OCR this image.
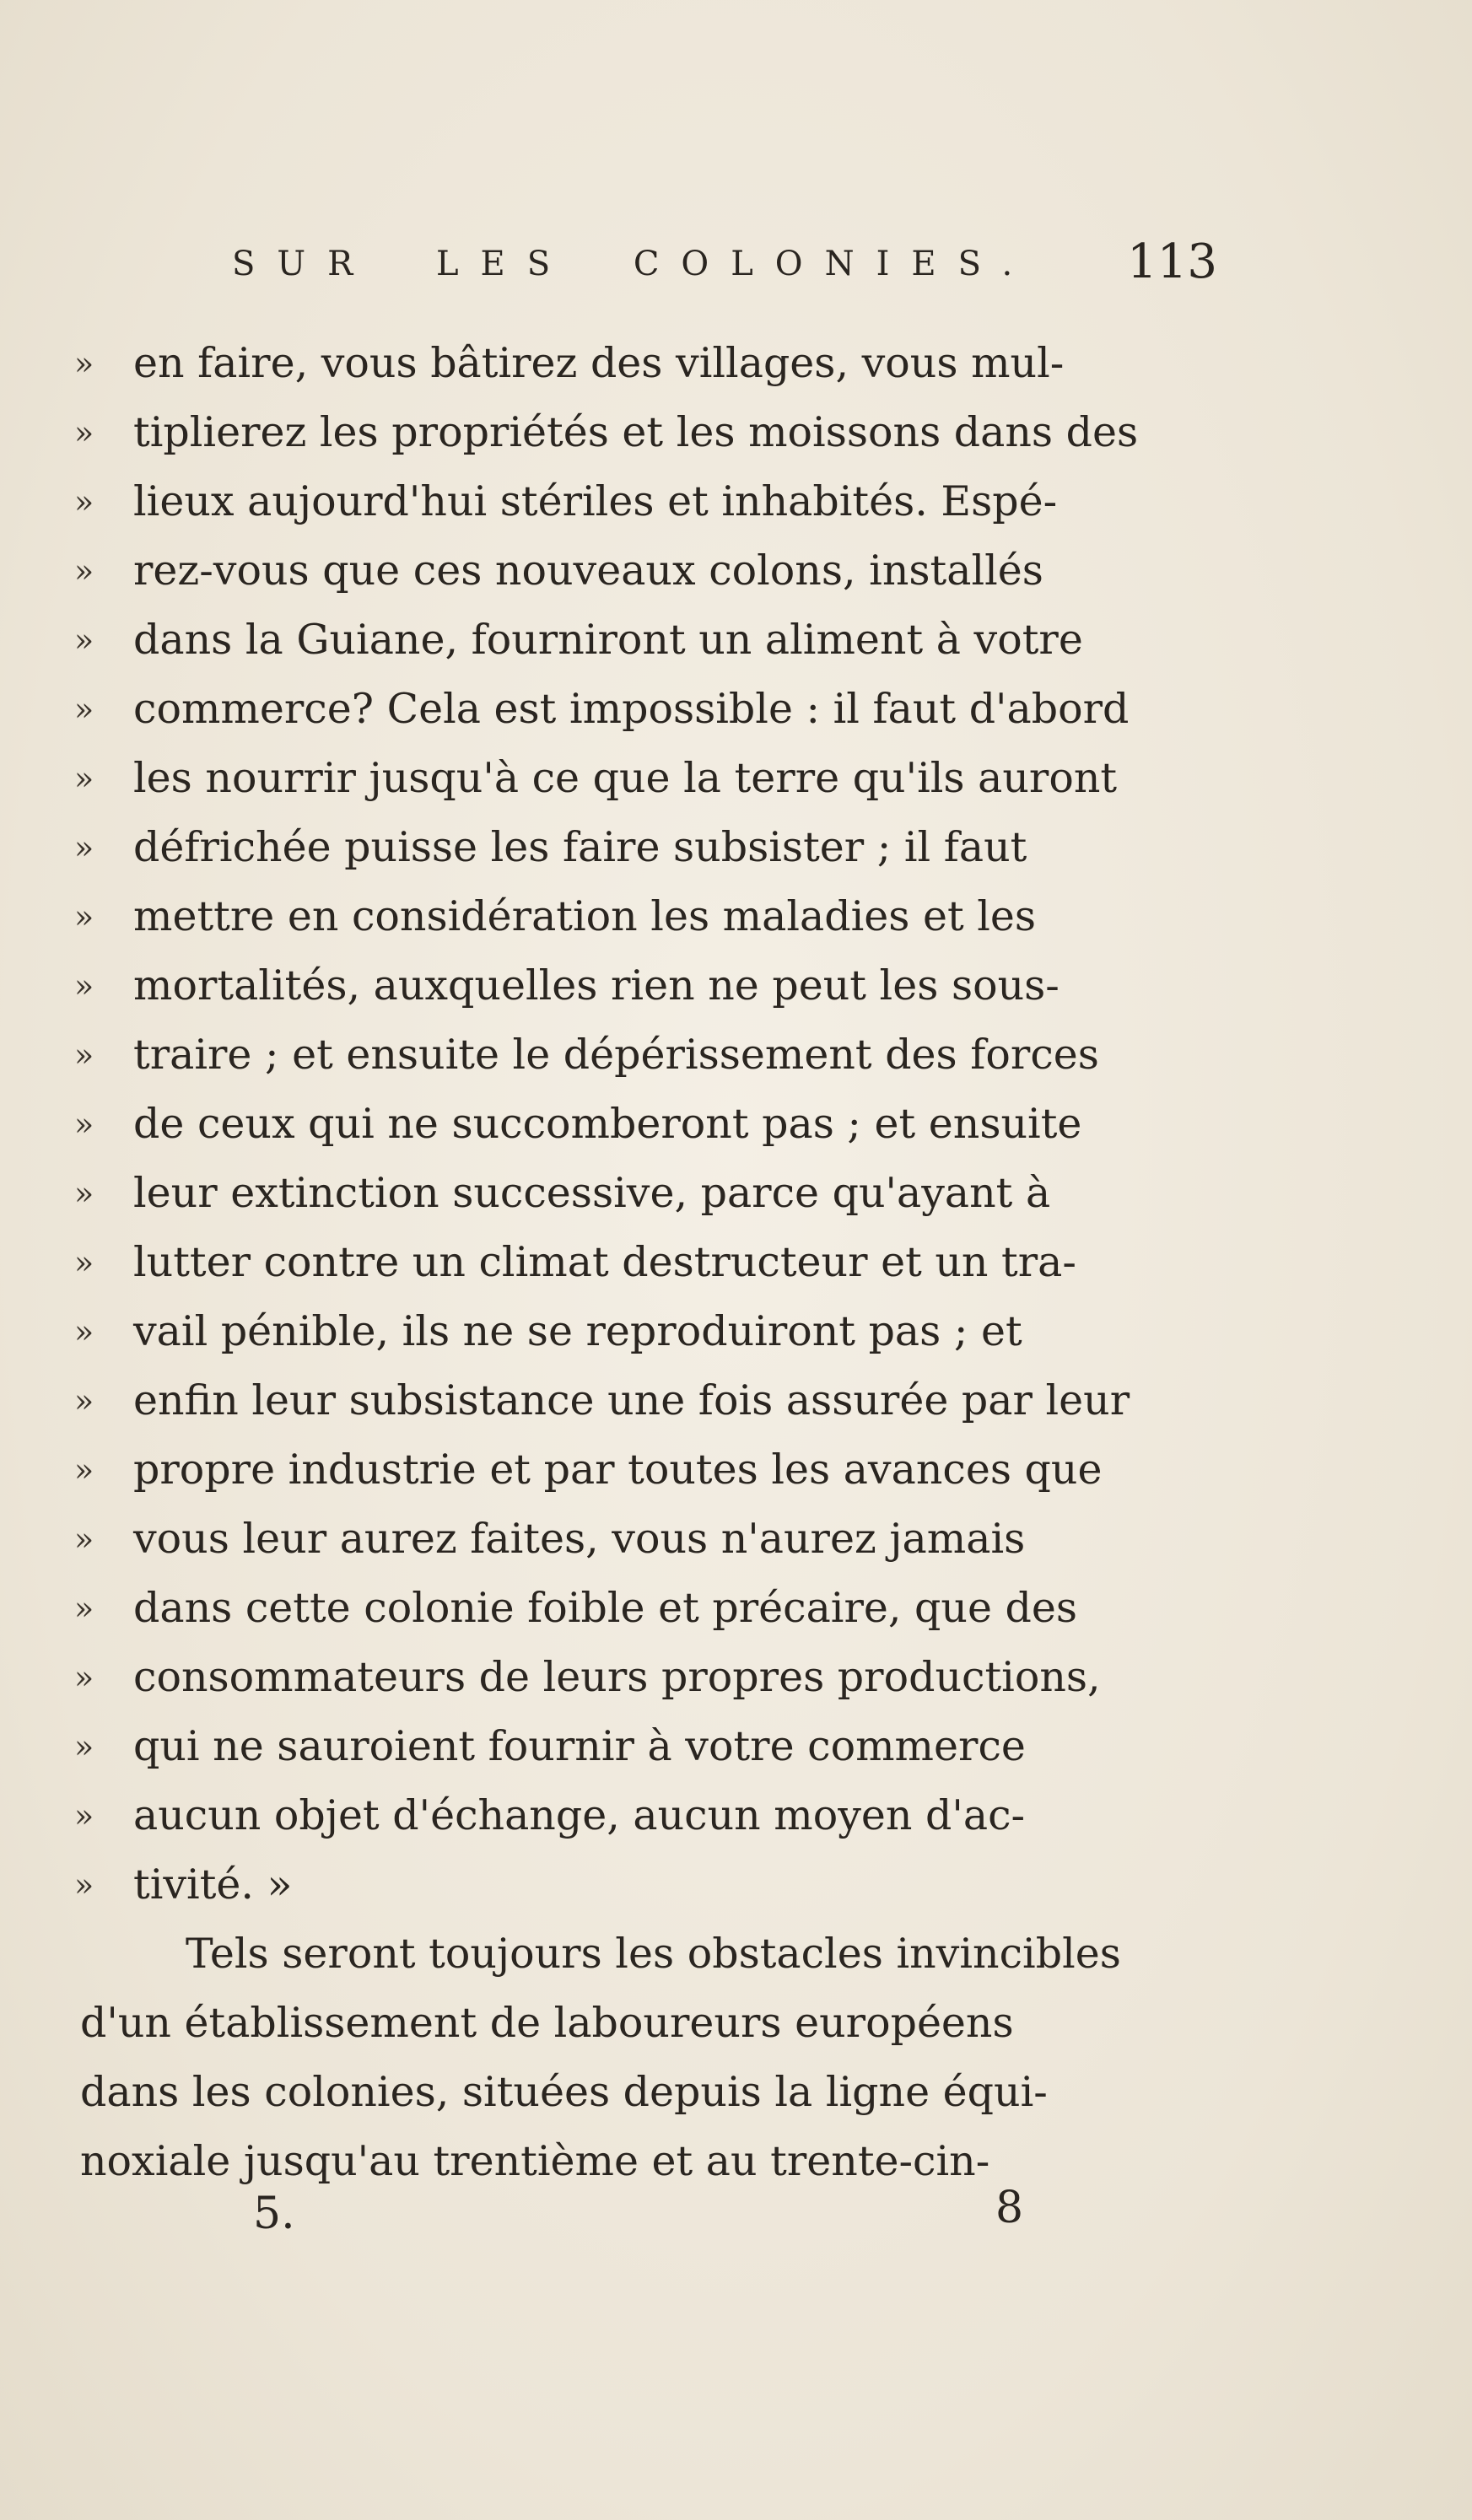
SUR LES COLONIES. 113
» en faire, vous bâtirez des villages, vous mul-
» tiplierez les propriétés et les moissons dans des
» lieux aujourd'hui stériles et inhabités. Espé-
» rez-vous que ces nouveaux colons, installés
» dans la Guiane, fourniront un aliment à votre
» commerce? Cela est impossible : il faut d'abord
» les nourrir jusqu'à ce que la terre qu'ils auront
» défrichée puisse les faire subsister ; il faut
» mettre en considération les maladies et les
» mortalités, auxquelles rien ne peut les sous-
» traire ; et ensuite le dépérissement des forces
» de ceux qui ne succomberont pas ; et ensuite
» leur extinction successive, parce qu'ayant à
» lutter contre un climat destructeur et un tra-
» vail pénible, ils ne se reproduiront pas ; et
» enfin leur subsistance une fois assurée par leur
» propre industrie et par toutes les avances que
» vous leur aurez faites, vous n'aurez jamais
» dans cette colonie foible et précaire, que des
» consommateurs de leurs propres productions,
» qui ne sauroient fournir à votre commerce
» aucun objet d'échange, aucun moyen d'ac-
» tivité. »
Tels seront toujours les obstacles invincibles
d'un établissement de laboureurs européens
dans les colonies, situées depuis la ligne équi-
noxiale jusqu'au trentième et au trente-cin-
5.	8
